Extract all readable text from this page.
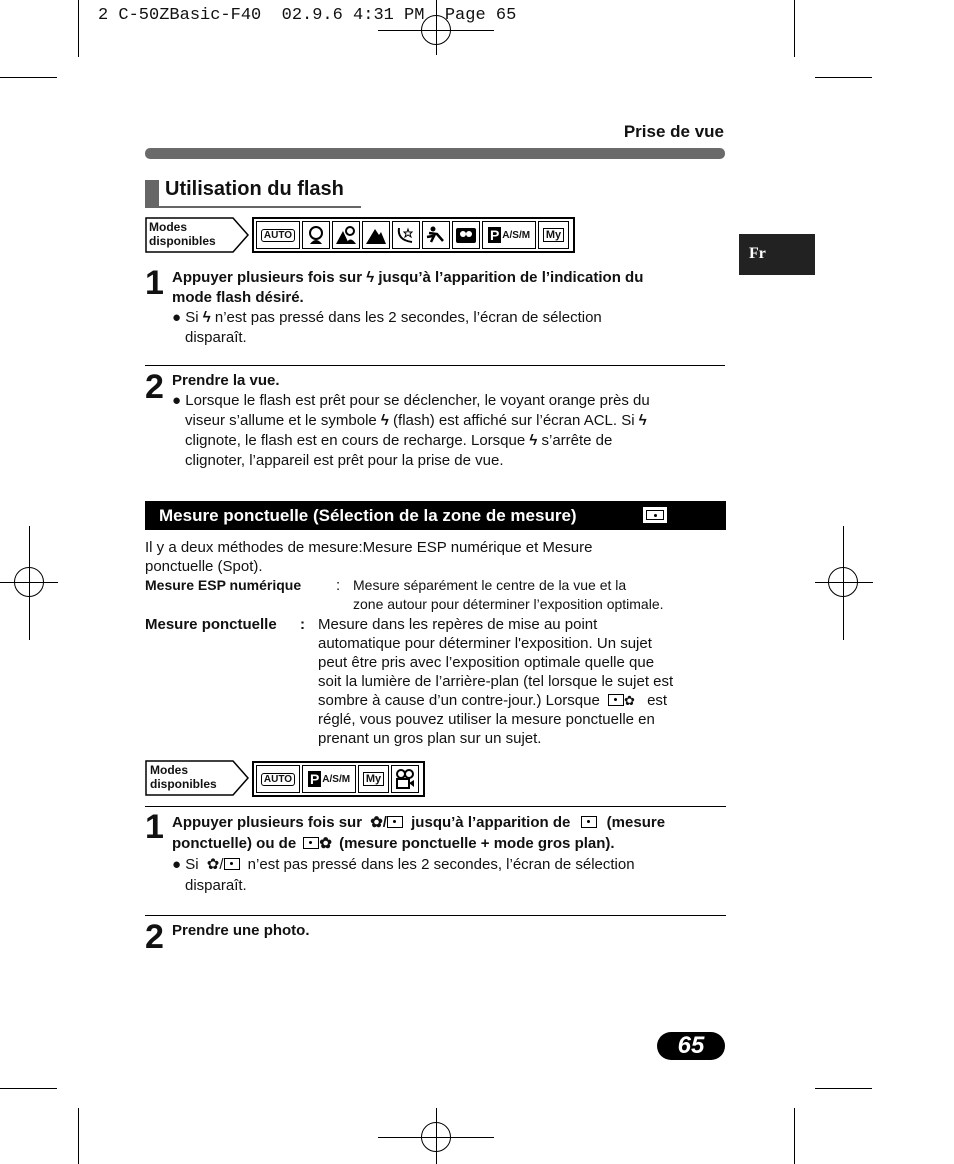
2 C-50ZBasic-F40  02.9.6 4:31 PM  Page 65
Prise de vue
Fr
Utilisation du flash
Modes
disponibles	AUTO	P A/S/M My
1 Appuyer plusieurs fois sur ϟ jusqu’à l’apparition de l’indication du
mode flash désiré.
● Si ϟ n’est pas pressé dans les 2 secondes, l’écran de sélection
disparaît.
2 Prendre la vue.
● Lorsque le flash est prêt pour se déclencher, le voyant orange près du
viseur s’allume et le symbole ϟ (flash) est affiché sur l’écran ACL. Si ϟ
clignote, le flash est en cours de recharge. Lorsque ϟ s’arrête de
clignoter, l’appareil est prêt pour la prise de vue.
Mesure ponctuelle (Sélection de la zone de mesure)
Il y a deux méthodes de mesure:Mesure ESP numérique et Mesure
ponctuelle (Spot).
Mesure ESP numérique : Mesure séparément le centre de la vue et la
zone autour pour déterminer l’exposition optimale.
Mesure ponctuelle : Mesure dans les repères de mise au point
automatique pour déterminer l'exposition. Un sujet
peut être pris avec l’exposition optimale quelle que
soit la lumière de l’arrière-plan (tel lorsque le sujet est
sombre à cause d’un contre-jour.) Lorsque ✿ est
réglé, vous pouvez utiliser la mesure ponctuelle en
prenant un gros plan sur un sujet.
Modes
disponibles	AUTO P A/S/M My
1 Appuyer plusieurs fois sur ✿/ jusqu’à l’apparition de (mesure
ponctuelle) ou de ✿ (mesure ponctuelle + mode gros plan).
● Si ✿/ n’est pas pressé dans les 2 secondes, l’écran de sélection
disparaît.
2 Prendre une photo.
65
